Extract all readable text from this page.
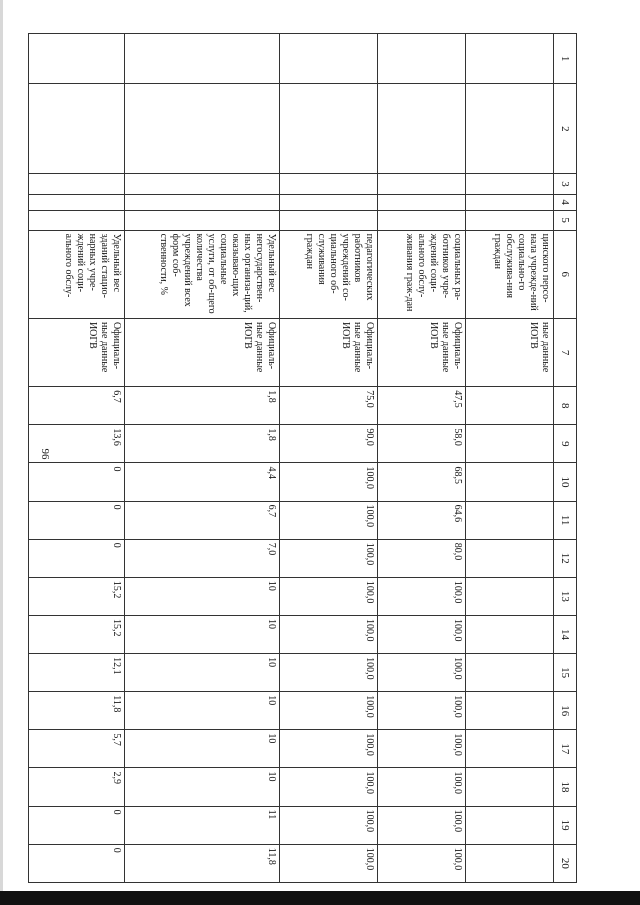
96
1	2	3	4	5	6	7	8	9	10	11	12	13	14	15	16	17	18	19	20
					цинского персо-нала учрежде-ний социально-го обслужива-ния граждан	ные данные ИОГВ													
					социальных ра-ботников учре-ждений соци-ального обслу-живания граж-дан	Официаль-ные данные ИОГВ	47,5	58,0	68,5	64,6	80,0	100,0	100,0	100,0	100,0	100,0	100,0	100,0	100,0
					педагогических работников учреждений со-циального об-служивания граждан	Официаль-ные данные ИОГВ	75,0	90,0	100,0	100,0	100,0	100,0	100,0	100,0	100,0	100,0	100,0	100,0	100,0
					Удельный вес негосударствен-ных организа-ций, оказываю-щих социальные услуги, от об-щего количества учреждений всех форм соб-ственности, %	Официаль-ные данные ИОГВ	1,8	1,8	4,4	6,7	7,0	10	10	10	10	10	10	11	11,8
					Удельный вес зданий стацио-нарных учре-ждений соци-ального обслу-	Официаль-ные данные ИОГВ	6,7	13,6	0	0	0	15,2	15,2	12,1	11,8	5,7	2,9	0	0
